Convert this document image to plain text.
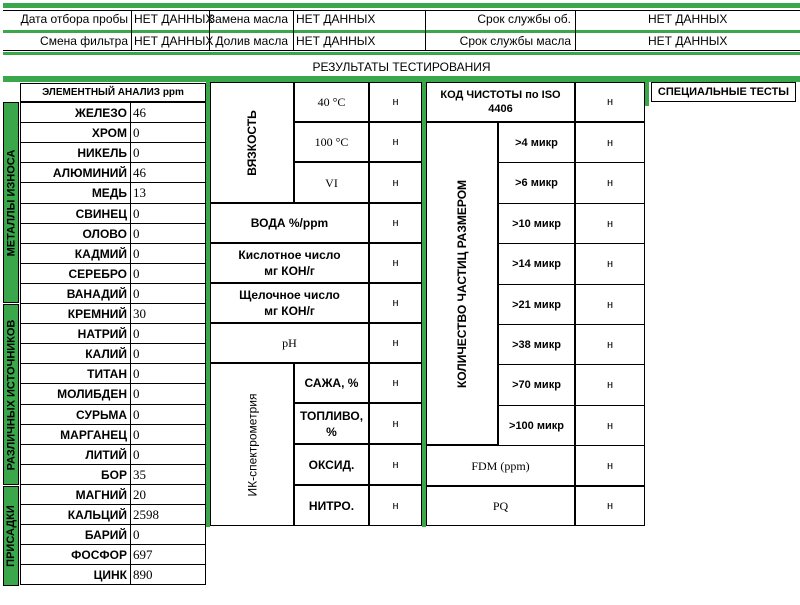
Дата отбора пробы НЕТ ДАННЫХ
Замена масла НЕТ ДАННЫХ	Срок службы об.	НЕТ ДАННЫХ
Смена фильтра НЕТ ДАННЫХ Долив масла НЕТ ДАННЫХ	Срок службы масла	НЕТ ДАННЫХ
РЕЗУЛЬТАТЫ ТЕСТИРОВАНИЯ
ЭЛЕМЕНТНЫЙ АНАЛИЗ ppm
МЕТАЛЛЫ ИЗНОСА
РАЗЛИЧНЫХ ИСТОЧНИКОВ
ПРИСАДКИ
ЖЕЛЕЗО 46
ХРОМ 0
НИКЕЛЬ 0
АЛЮМИНИЙ 46
МЕДЬ 13
СВИНЕЦ 0
ОЛОВО 0
КАДМИЙ 0
СЕРЕБРО 0
ВАНАДИЙ 0
КРЕМНИЙ 30
НАТРИЙ 0
КАЛИЙ 0
ТИТАН 0
МОЛИБДЕН 0
СУРЬМА 0
МАРГАНЕЦ 0
ЛИТИЙ 0
БОР 35
МАГНИЙ 20
КАЛЬЦИЙ 2598
БАРИЙ 0
ФОСФОР 697
ЦИНК 890
ВЯЗКОСТЬ
40 °C	н
100 °C	н
VI	н
ВОДА %/ppm	н
Кислотное число
мг КОН/г
н
Щелочное число
мг КОН/г
н
pH	н
ИК-спектрометрия
САЖА, %	н
ТОПЛИВО,
%
н
ОКСИД.	н
НИТРО.	н
КОД ЧИСТОТЫ по ISO
4406
н
КОЛИЧЕСТВО ЧАСТИЦ РАЗМЕРОМ
>4 микр	н
>6 микр	н
>10 микр	н
>14 микр	н
>21 микр	н
>38 микр	н
>70 микр	н
>100 микр	н
FDM (ppm)	н
PQ	н
СПЕЦИАЛЬНЫЕ ТЕСТЫ
